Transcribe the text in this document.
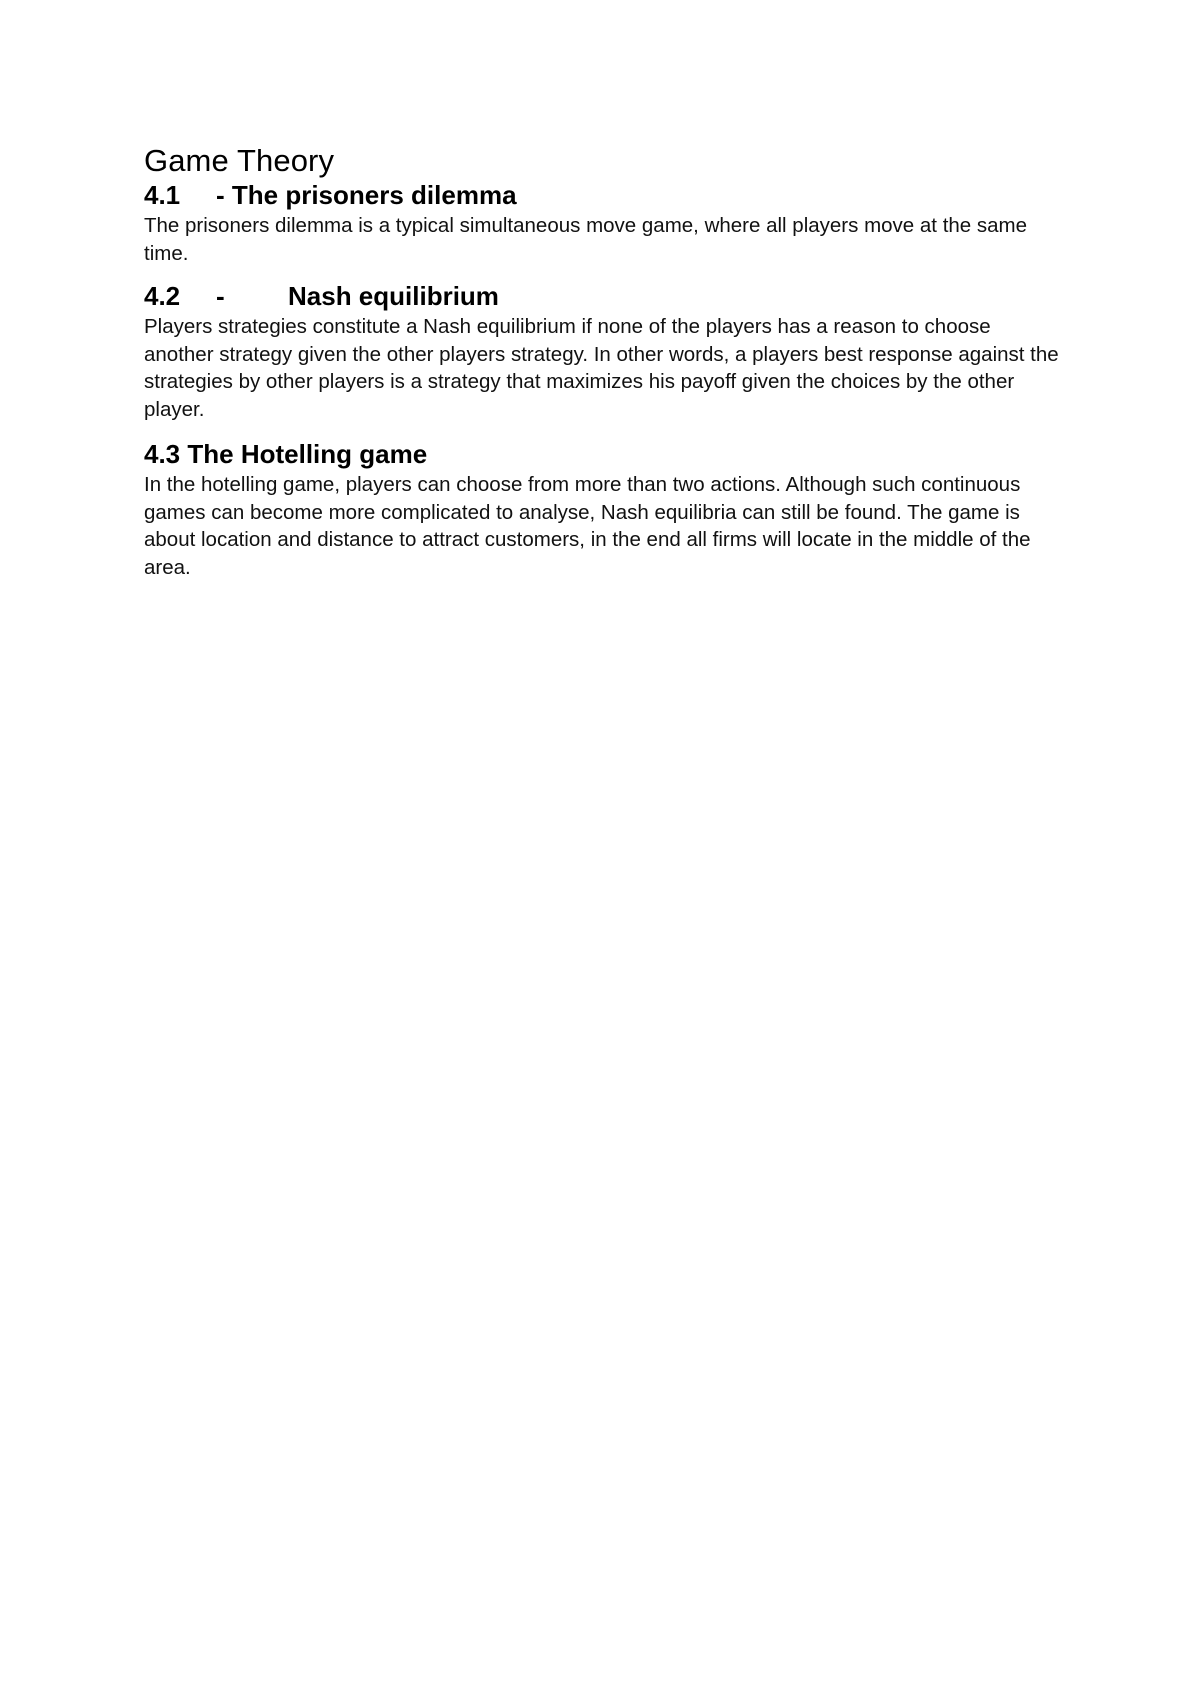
Game Theory
4.1 - The prisoners dilemma

The prisoners dilemma is a typical simultaneous move game, where all players move at the same time.

4.2 - Nash equilibrium

Players strategies constitute a Nash equilibrium if none of the players has a reason to choose another strategy given the other players strategy. In other words, a players best response against the strategies by other players is a strategy that maximizes his payoff given the choices by the other player.

4.3 The Hotelling game

In the hotelling game, players can choose from more than two actions. Although such continuous games can become more complicated to analyse, Nash equilibria can still be found. The game is about location and distance to attract customers, in the end all firms will locate in the middle of the area.
